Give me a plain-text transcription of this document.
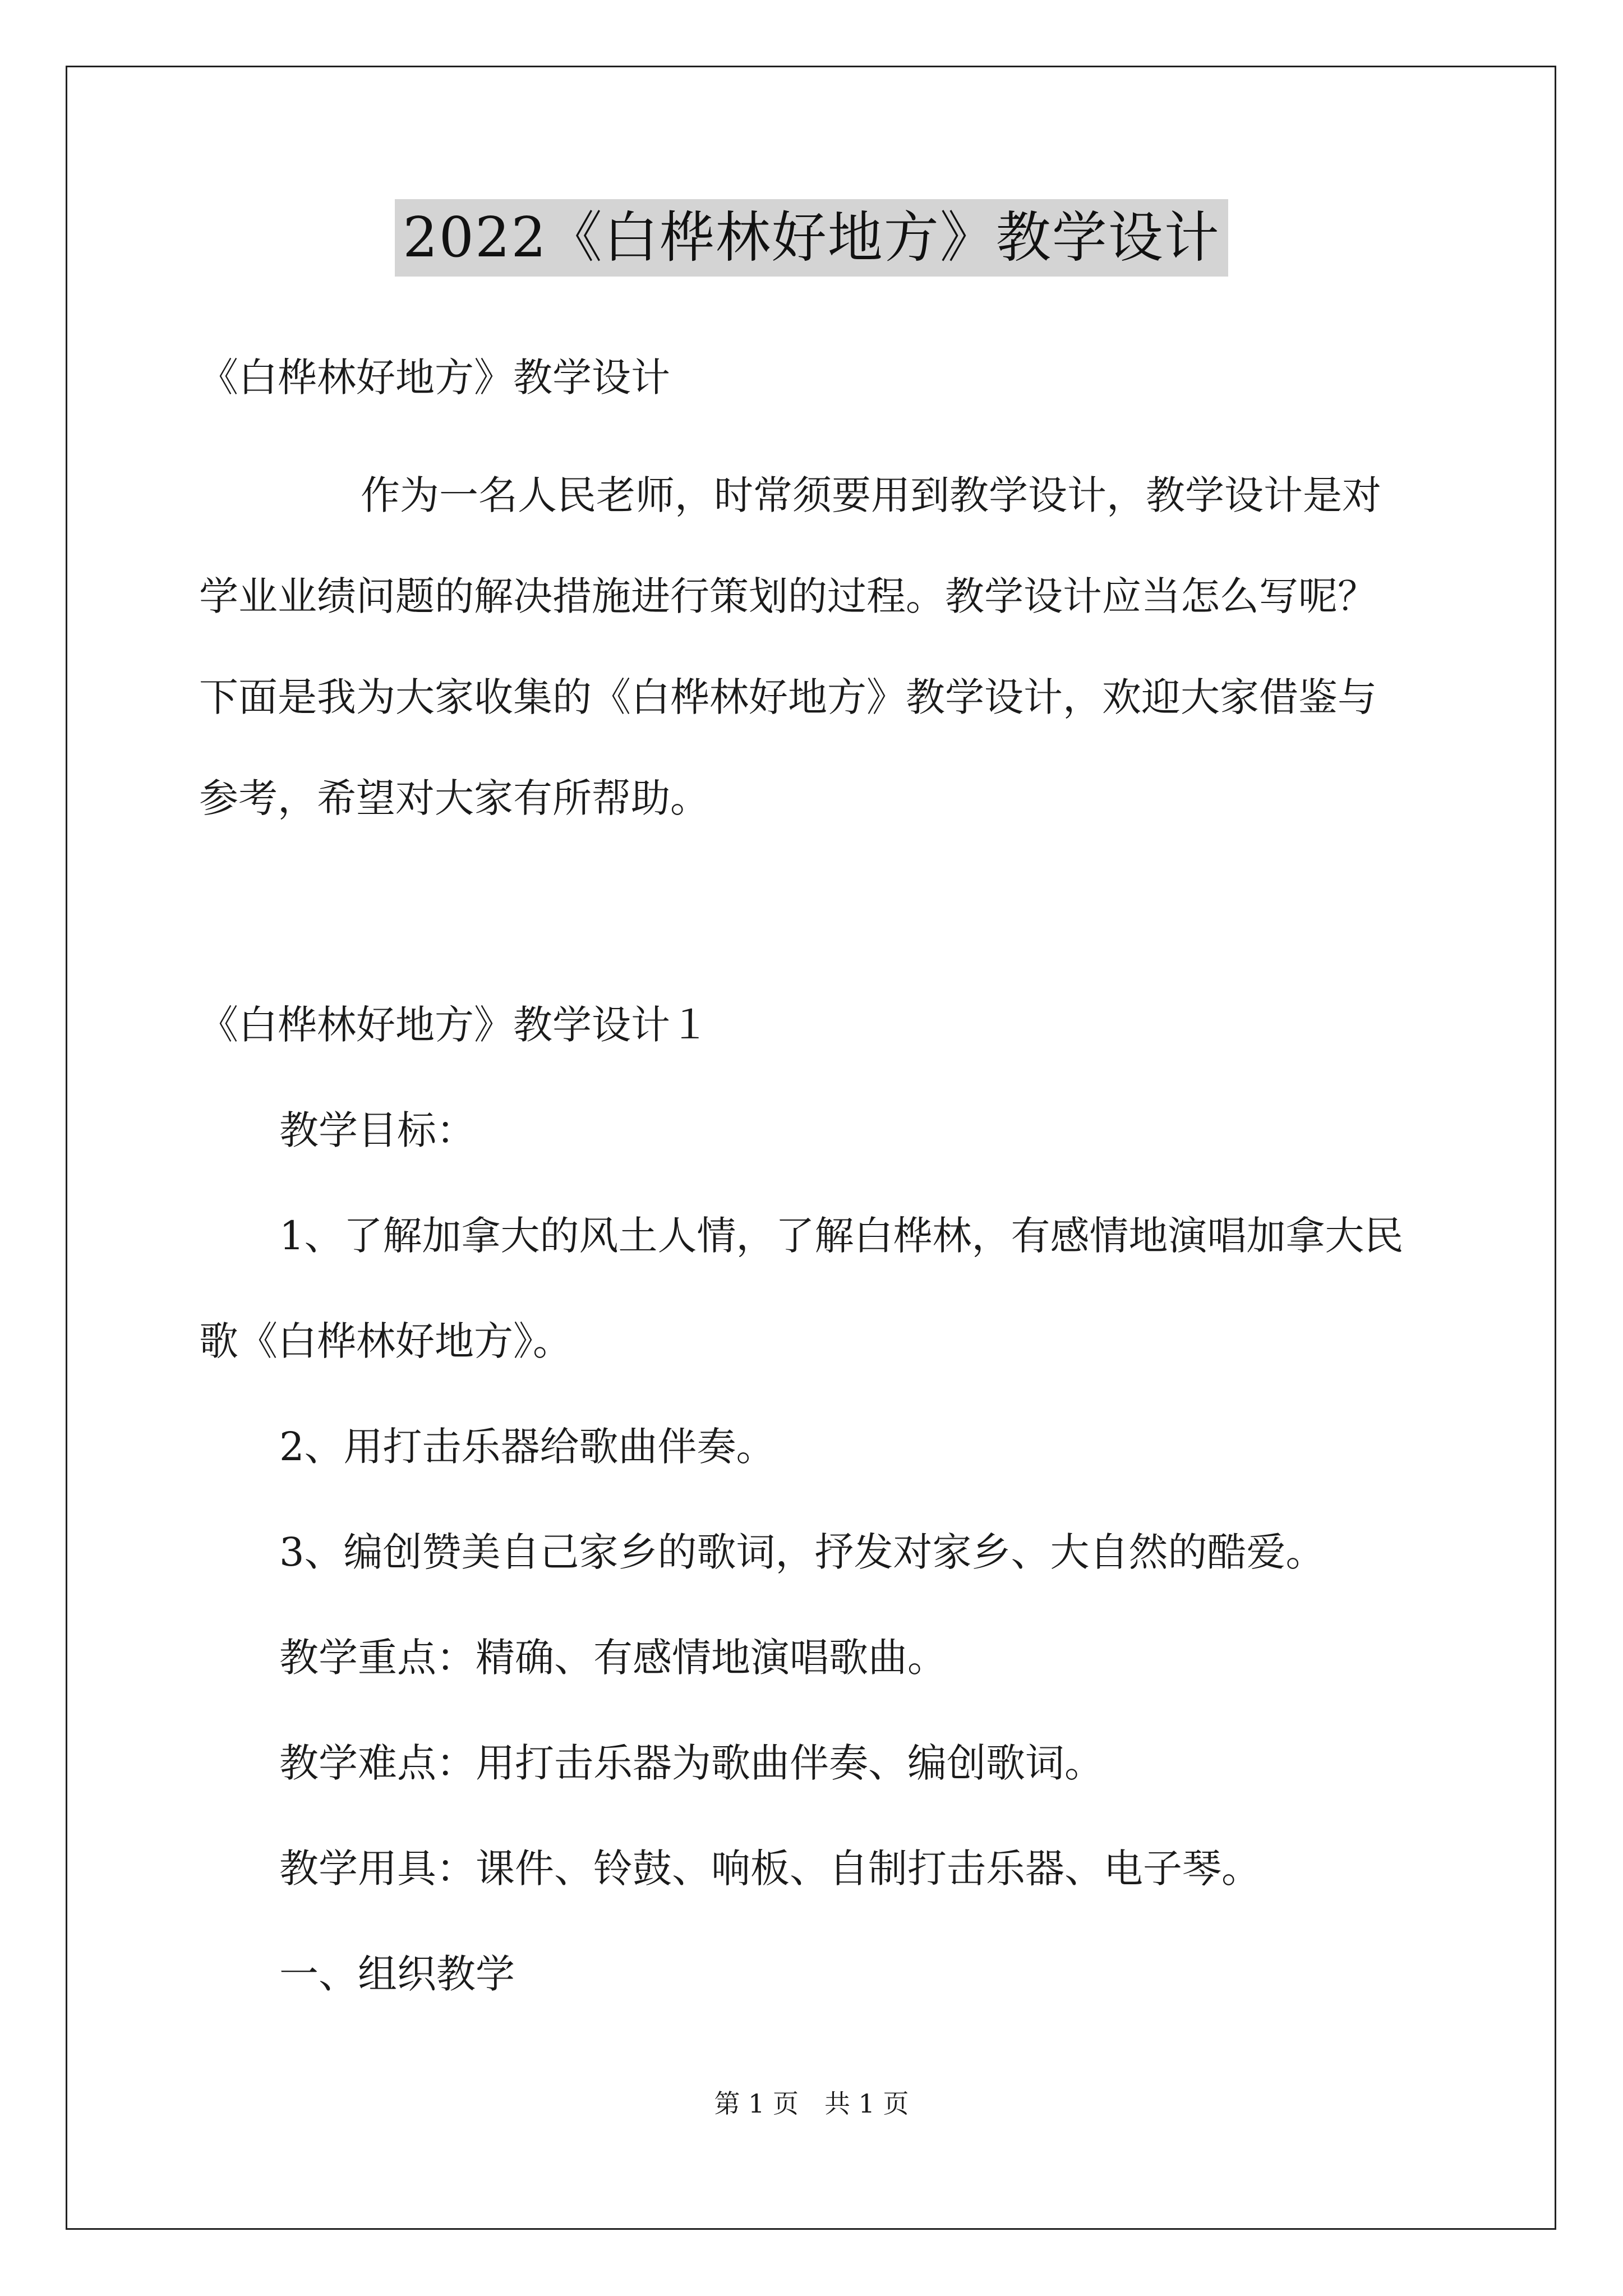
2022《白桦林好地方》教学设计
《白桦林好地方》教学设计
作为一名人民老师，时常须要用到教学设计，教学设计是对
学业业绩问题的解决措施进行策划的过程。教学设计应当怎么写呢？
下面是我为大家收集的《白桦林好地方》教学设计，欢迎大家借鉴与
参考，希望对大家有所帮助。
《白桦林好地方》教学设计１
教学目标：
1、了解加拿大的风土人情，了解白桦林，有感情地演唱加拿大民
歌《白桦林好地方》。
2、用打击乐器给歌曲伴奏。
3、编创赞美自己家乡的歌词，抒发对家乡、大自然的酷爱。
教学重点：精确、有感情地演唱歌曲。
教学难点：用打击乐器为歌曲伴奏、编创歌词。
教学用具：课件、铃鼓、响板、自制打击乐器、电子琴。
一、组织教学
第 1 页　共 1 页
